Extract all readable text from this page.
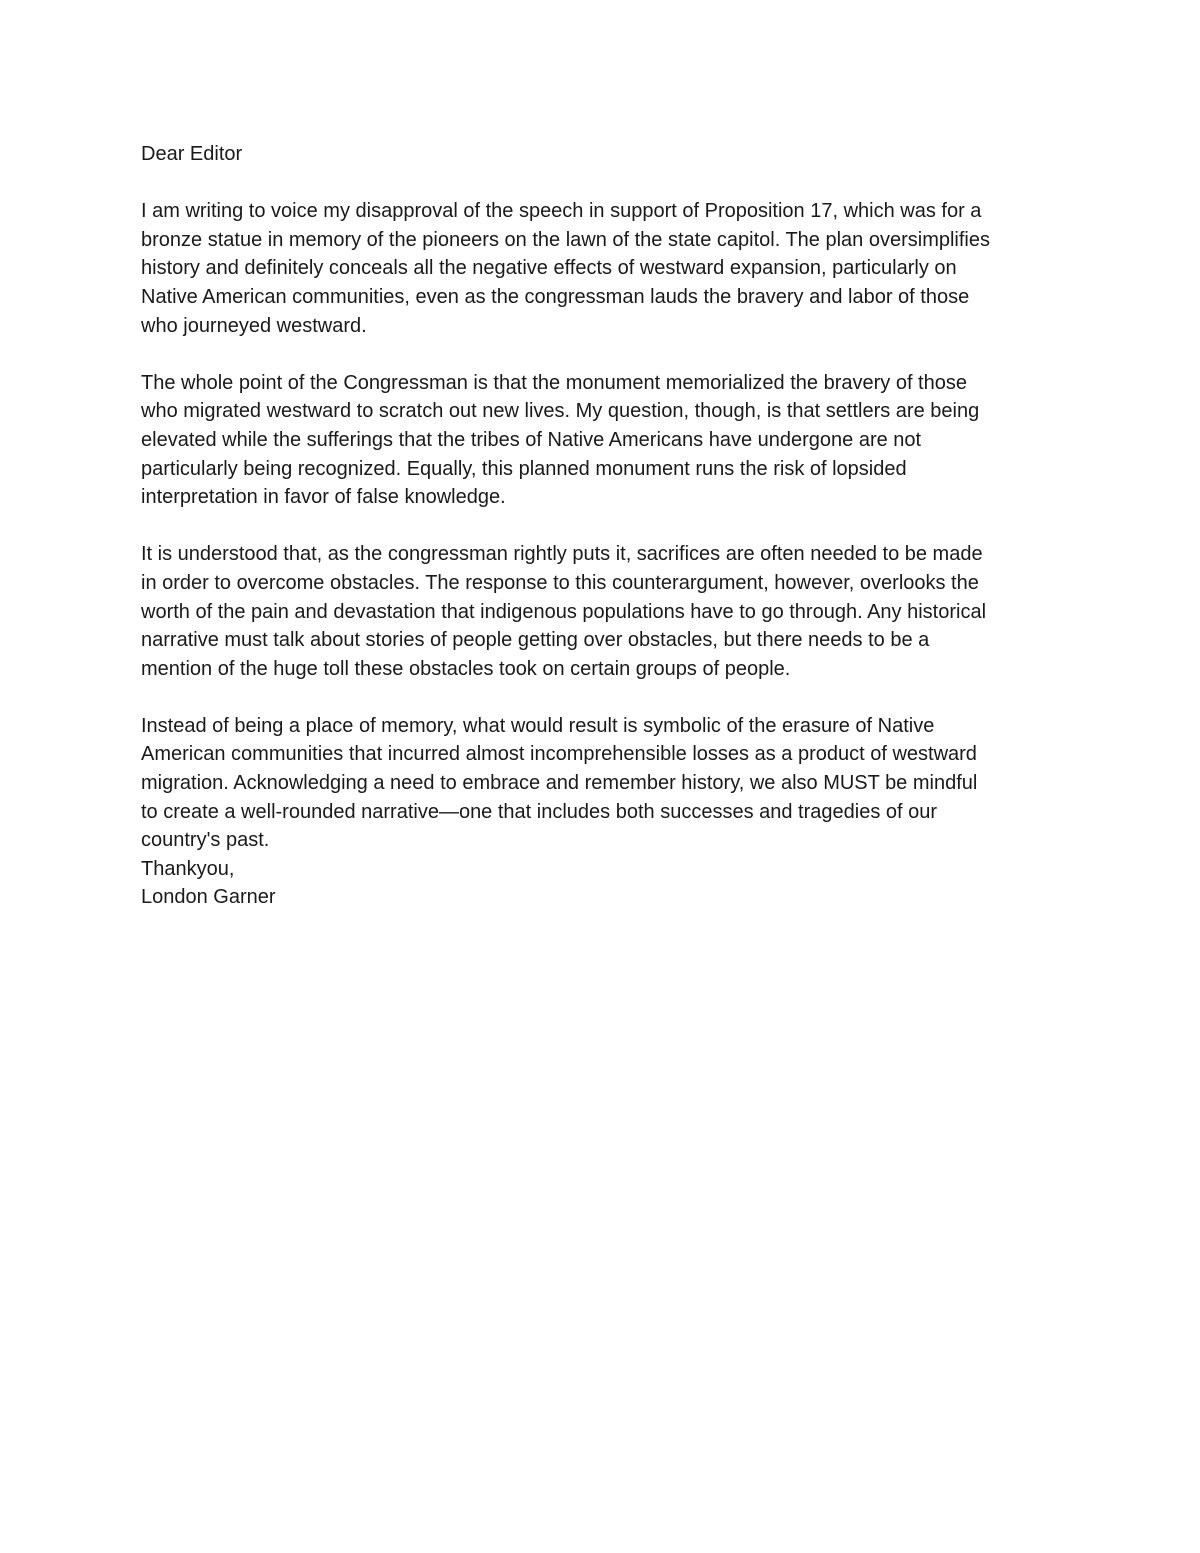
Dear Editor

I am writing to voice my disapproval of the speech in support of Proposition 17, which was for a
bronze statue in memory of the pioneers on the lawn of the state capitol. The plan oversimplifies
history and definitely conceals all the negative effects of westward expansion, particularly on
Native American communities, even as the congressman lauds the bravery and labor of those
who journeyed westward.

The whole point of the Congressman is that the monument memorialized the bravery of those
who migrated westward to scratch out new lives. My question, though, is that settlers are being
elevated while the sufferings that the tribes of Native Americans have undergone are not
particularly being recognized. Equally, this planned monument runs the risk of lopsided
interpretation in favor of false knowledge.

It is understood that, as the congressman rightly puts it, sacrifices are often needed to be made
in order to overcome obstacles. The response to this counterargument, however, overlooks the
worth of the pain and devastation that indigenous populations have to go through. Any historical
narrative must talk about stories of people getting over obstacles, but there needs to be a
mention of the huge toll these obstacles took on certain groups of people.

Instead of being a place of memory, what would result is symbolic of the erasure of Native
American communities that incurred almost incomprehensible losses as a product of westward
migration. Acknowledging a need to embrace and remember history, we also MUST be mindful
to create a well-rounded narrative—one that includes both successes and tragedies of our
country's past.

Thankyou,

London Garner
